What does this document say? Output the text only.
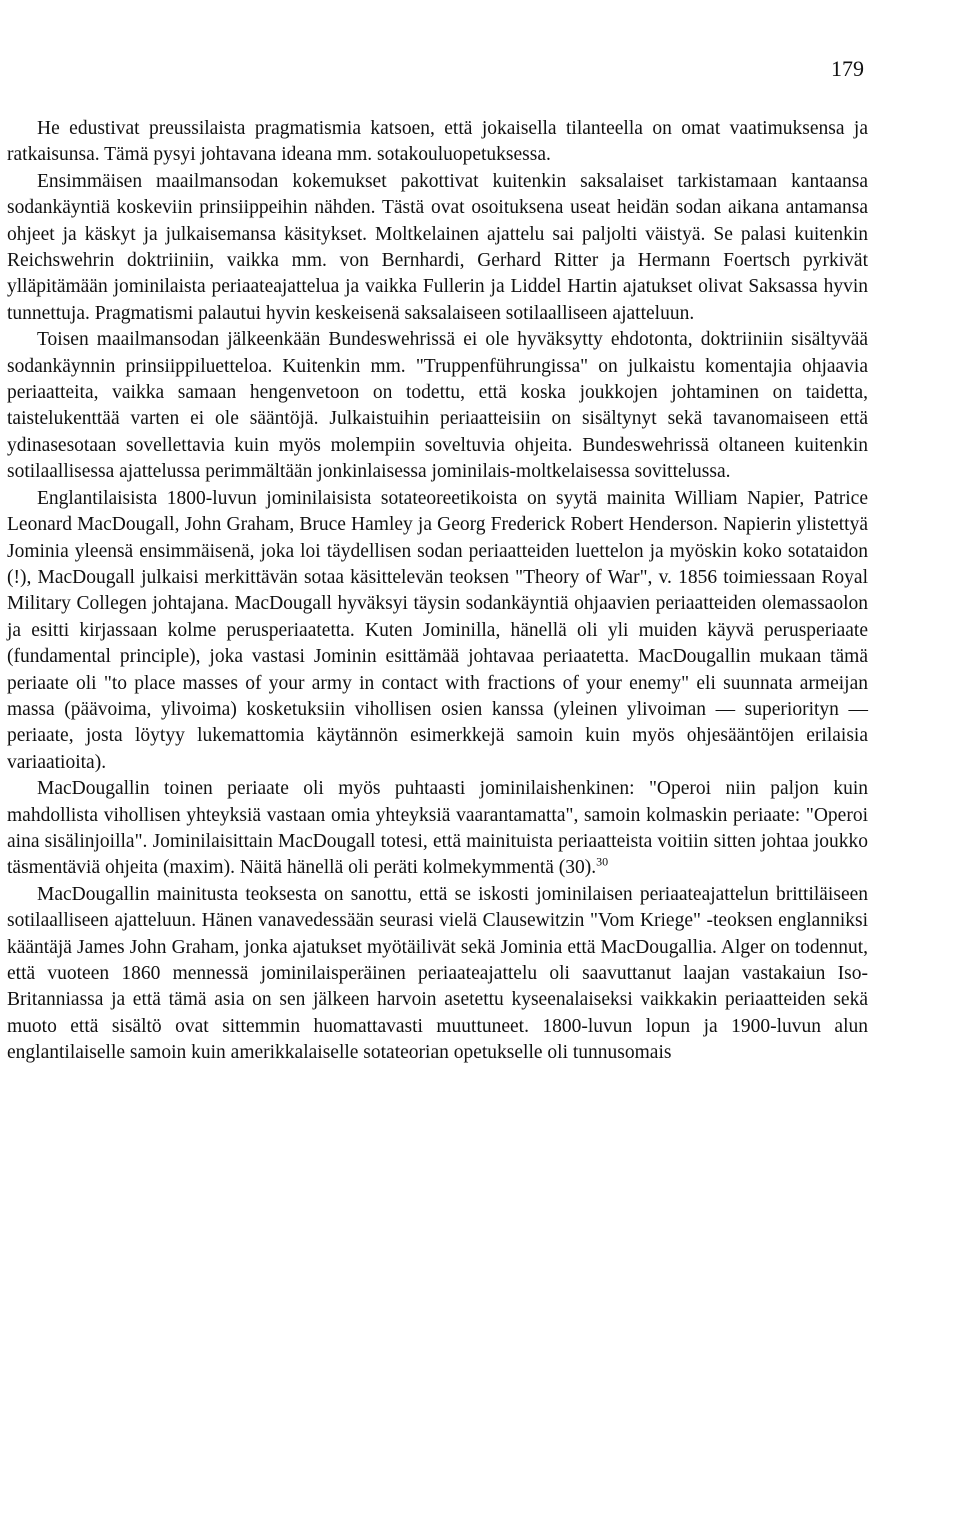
179

He edustivat preussilaista pragmatismia katsoen, että jokaisella tilanteella on omat vaatimuksensa ja ratkaisunsa. Tämä pysyi johtavana ideana mm. sotakouluopetuksessa.

Ensimmäisen maailmansodan kokemukset pakottivat kuitenkin saksalaiset tarkistamaan kantaansa sodankäyntiä koskeviin prinsiippeihin nähden. Tästä ovat osoituksena useat heidän sodan aikana antamansa ohjeet ja käskyt ja julkaisemansa käsitykset. Moltkelainen ajattelu sai paljolti väistyä. Se palasi kuitenkin Reichswehrin doktriiniin, vaikka mm. von Bernhardi, Gerhard Ritter ja Hermann Foertsch pyrkivät ylläpitämään jominilaista periaateajattelua ja vaikka Fullerin ja Liddel Hartin ajatukset olivat Saksassa hyvin tunnettuja. Pragmatismi palautui hyvin keskeisenä saksalaiseen sotilaalliseen ajatteluun.

Toisen maailmansodan jälkeenkään Bundeswehrissä ei ole hyväksytty ehdotonta, doktriiniin sisältyvää sodankäynnin prinsiippiluetteloa. Kuitenkin mm. "Truppenführungissa" on julkaistu komentajia ohjaavia periaatteita, vaikka samaan hengenvetoon on todettu, että koska joukkojen johtaminen on taidetta, taistelukenttää varten ei ole sääntöjä. Julkaistuihin periaatteisiin on sisältynyt sekä tavanomaiseen että ydinasesotaan sovellettavia kuin myös molempiin soveltuvia ohjeita. Bundeswehrissä oltaneen kuitenkin sotilaallisessa ajattelussa perimmältään jonkinlaisessa jominilais-moltkelaisessa sovittelussa.

Englantilaisista 1800-luvun jominilaisista sotateoreetikoista on syytä mainita William Napier, Patrice Leonard MacDougall, John Graham, Bruce Hamley ja Georg Frederick Robert Henderson. Napierin ylistettyä Jominia yleensä ensimmäisenä, joka loi täydellisen sodan periaatteiden luettelon ja myöskin koko sotataidon (!), MacDougall julkaisi merkittävän sotaa käsittelevän teoksen "Theory of War", v. 1856 toimiessaan Royal Military Collegen johtajana. MacDougall hyväksyi täysin sodankäyntiä ohjaavien periaatteiden olemassaolon ja esitti kirjassaan kolme perusperiaatetta. Kuten Jominilla, hänellä oli yli muiden käyvä perusperiaate (fundamental principle), joka vastasi Jominin esittämää johtavaa periaatetta. MacDougallin mukaan tämä periaate oli "to place masses of your army in contact with fractions of your enemy" eli suunnata armeijan massa (päävoima, ylivoima) kosketuksiin vihollisen osien kanssa (yleinen ylivoiman — superiorityn — periaate, josta löytyy lukemattomia käytännön esimerkkejä samoin kuin myös ohjesääntöjen erilaisia variaatioita).

MacDougallin toinen periaate oli myös puhtaasti jominilaishenkinen: "Operoi niin paljon kuin mahdollista vihollisen yhteyksiä vastaan omia yhteyksiä vaarantamatta", samoin kolmaskin periaate: "Operoi aina sisälinjoilla". Jominilaisittain MacDougall totesi, että mainituista periaatteista voitiin sitten johtaa joukko täsmentäviä ohjeita (maxim). Näitä hänellä oli peräti kolmekymmentä (30).$^{30}$

MacDougallin mainitusta teoksesta on sanottu, että se iskosti jominilaisen periaateajattelun brittiläiseen sotilaalliseen ajatteluun. Hänen vanavedessään seurasi vielä Clausewitzin "Vom Kriege" -teoksen englanniksi kääntäjä James John Graham, jonka ajatukset myötäilivät sekä Jominia että MacDougallia. Alger on todennut, että vuoteen 1860 mennessä jominilaisperäinen periaateajattelu oli saavuttanut laajan vastakaiun Iso-Britanniassa ja että tämä asia on sen jälkeen harvoin asetettu kyseenalaiseksi vaikkakin periaatteiden sekä muoto että sisältö ovat sittemmin huomattavasti muuttuneet. 1800-luvun lopun ja 1900-luvun alun englantilaiselle samoin kuin amerikkalaiselle sotateorian opetukselle oli tunnusomais
